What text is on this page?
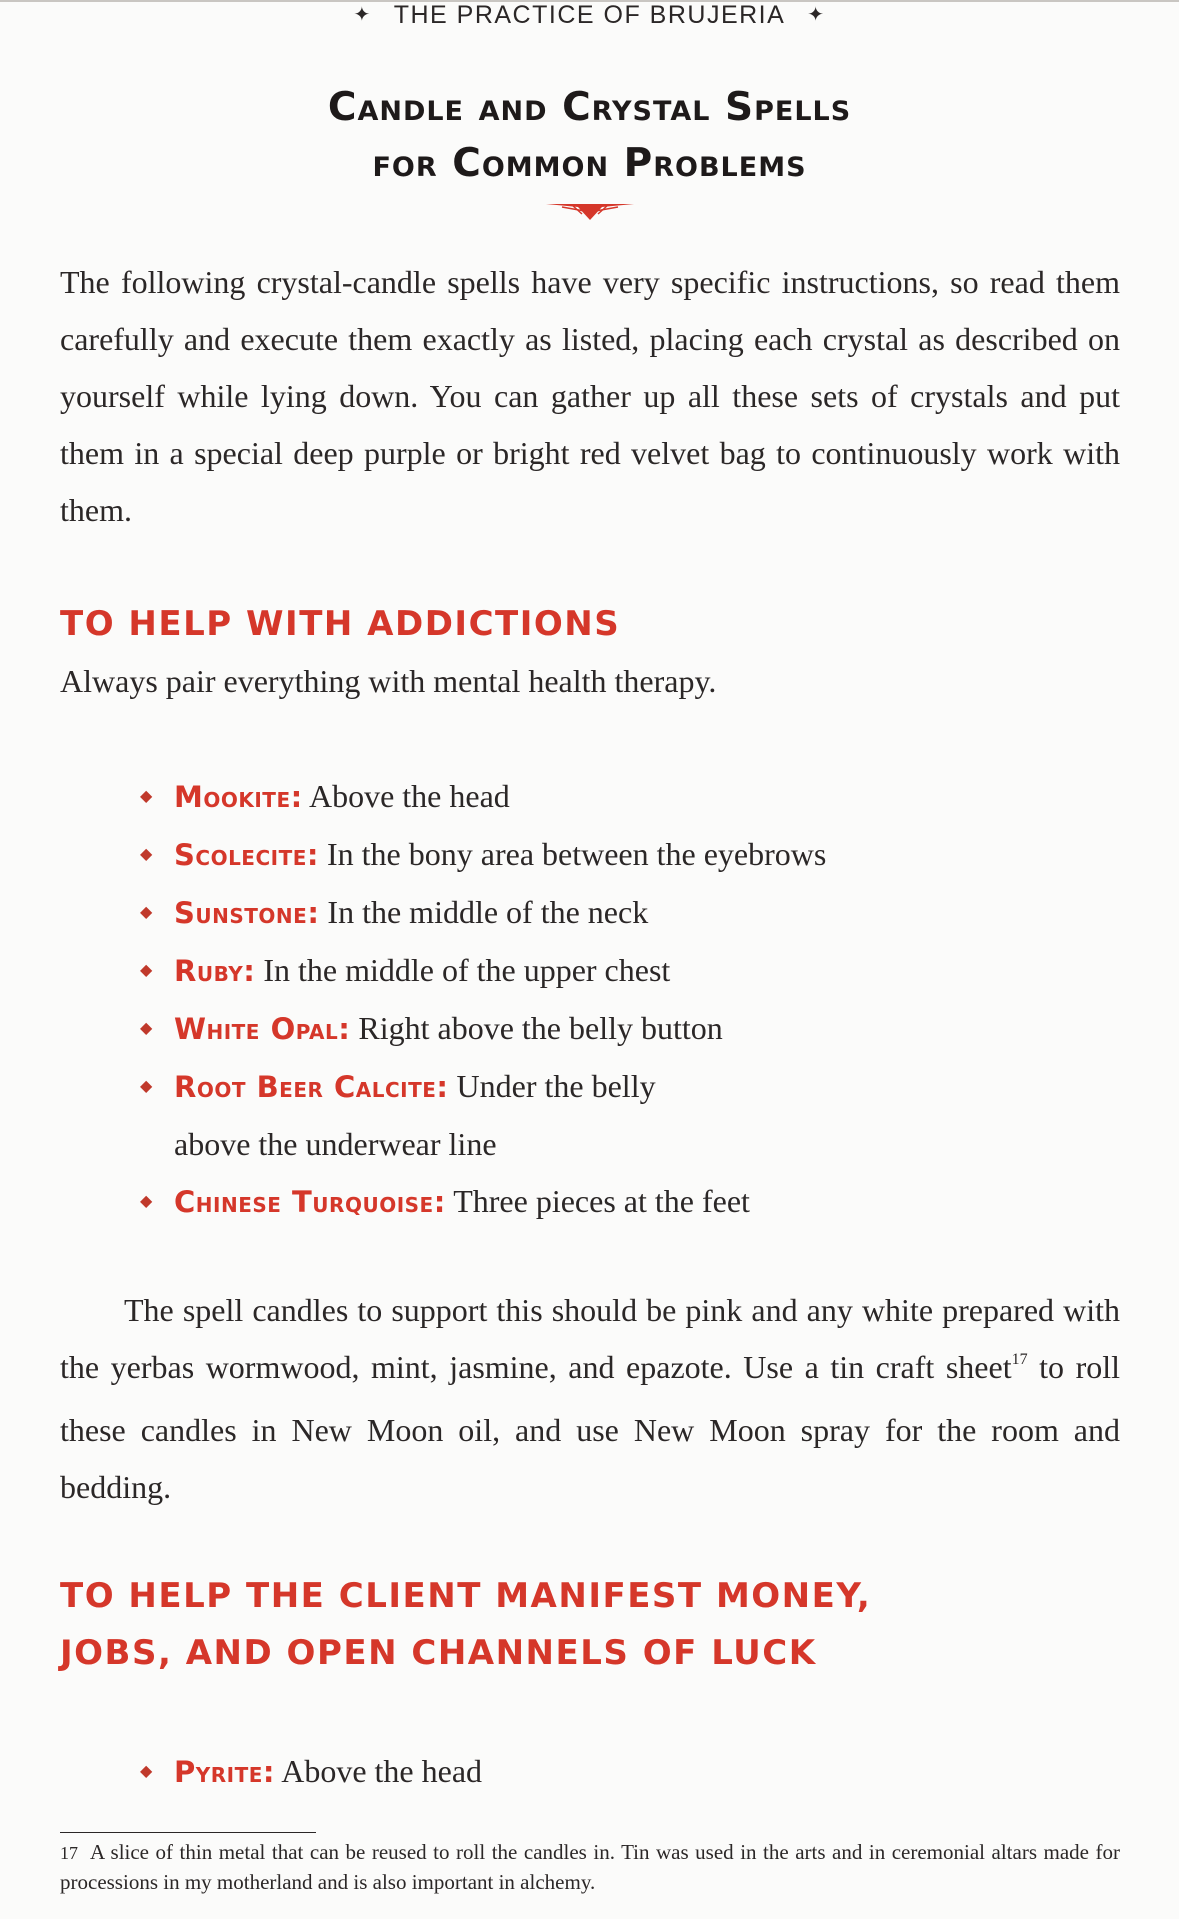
✦ THE PRACTICE OF BRUJERIA ✦
Candle and Crystal Spells
for Common Problems

The following crystal-candle spells have very specific instructions, so read them carefully and execute them exactly as listed, placing each crystal as described on yourself while lying down. You can gather up all these sets of crystals and put them in a special deep purple or bright red velvet bag to continuously work with them.

TO HELP WITH ADDICTIONS

Always pair everything with mental health therapy.

◆ Mookite: Above the head
◆ Scolecite: In the bony area between the eyebrows
◆ Sunstone: In the middle of the neck
◆ Ruby: In the middle of the upper chest
◆ White Opal: Right above the belly button
◆ Root Beer Calcite: Under the belly above the underwear line
◆ Chinese Turquoise: Three pieces at the feet

The spell candles to support this should be pink and any white prepared with the yerbas wormwood, mint, jasmine, and epazote. Use a tin craft sheet$^{17}$ to roll these candles in New Moon oil, and use New Moon spray for the room and bedding.

TO HELP THE CLIENT MANIFEST MONEY,
JOBS, AND OPEN CHANNELS OF LUCK
◆ Pyrite: Above the head

17 A slice of thin metal that can be reused to roll the candles in. Tin was used in the arts and in ceremonial altars made for processions in my motherland and is also important in alchemy.
